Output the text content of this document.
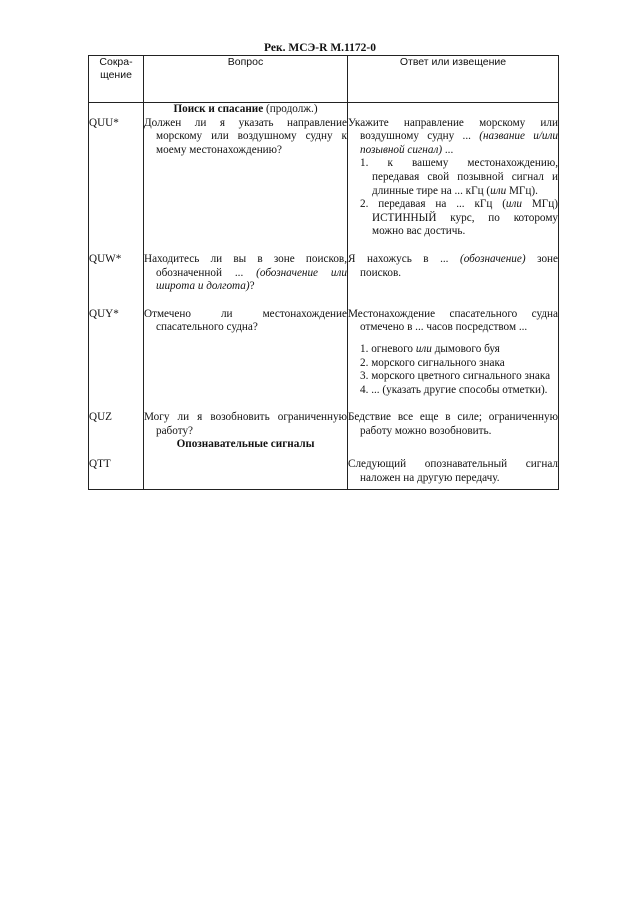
Рек. МСЭ-R M.1172-0
Сокра-
щение	Вопрос	Ответ или извещение
	Поиск и спасание (продолж.)	
QUU*	Должен ли я указать направление морскому или воздушному судну к моему местонахождению?	Укажите направление морскому или воздушному судну ... (название и/или позывной сигнал) ...

1. к вашему местонахождению, передавая свой позывной сигнал и длинные тире на ... кГц (или МГц).

2. передавая на ... кГц (или МГц) ИСТИННЫЙ курс, по которому можно вас достичь.

QUW*	Находитесь ли вы в зоне поисков, обозначенной ... (обозначение или широта и долгота)?	Я нахожусь в ... (обозначение) зоне поисков.

QUY*	Отмечено ли местонахождение спасательного судна?	Местонахождение спасательного судна отмечено в ... часов посредством ...

1. огневого или дымового буя

2. морского сигнального знака

3. морского цветного сигнального знака

4. ... (указать другие способы отметки).

QUZ	Могу ли я возобновить ограниченную работу?	Бедствие все еще в силе; ограниченную работу можно возобновить.

	Опознавательные сигналы	
QTT		Следующий опознавательный сигнал наложен на другую передачу.
